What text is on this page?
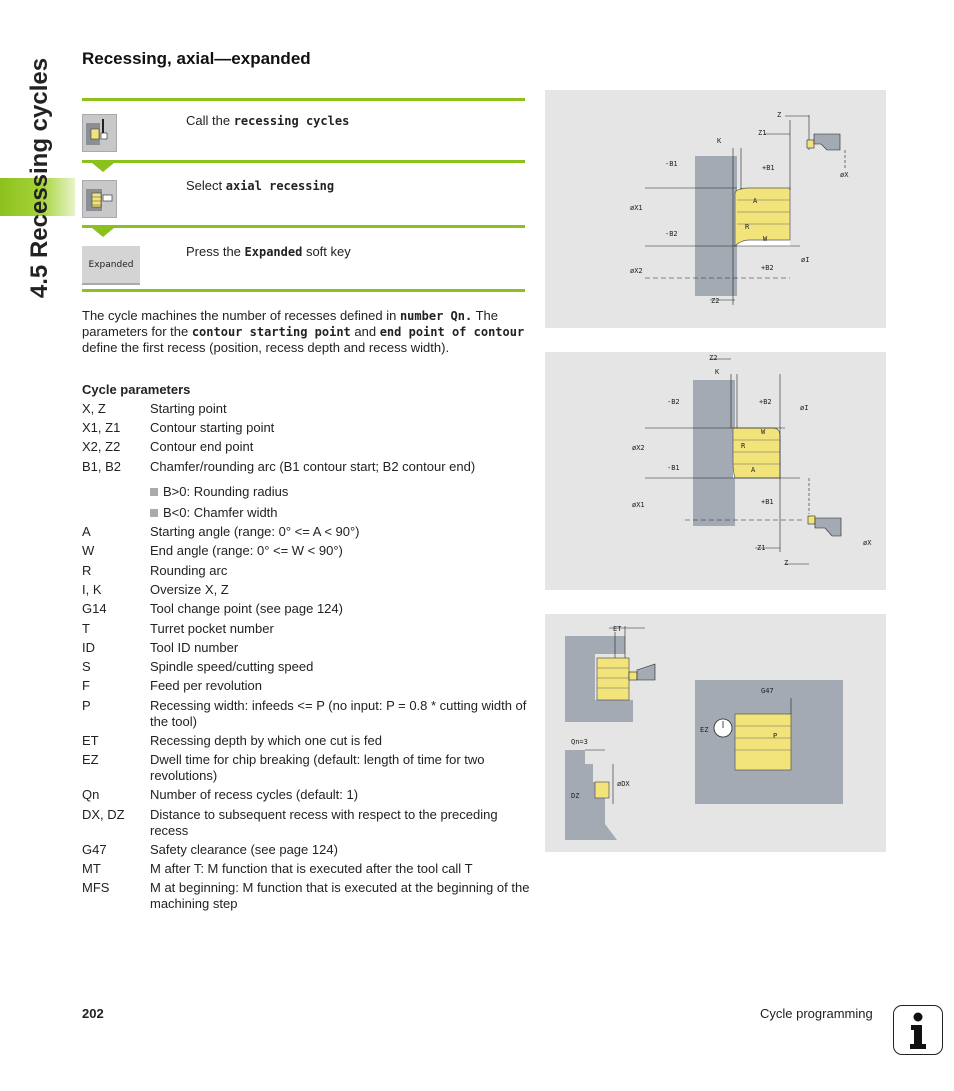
4.5 Recessing cycles Recessing, axial—expanded
Call the recessing cycles
Select axial recessing
Expanded
Press the Expanded soft key
The cycle machines the number of recesses defined in number Qn. The parameters for the contour starting point and end point of contour define the first recess (position, recess depth and recess width).
Cycle parameters
X, Z	Starting point
X1, Z1 Contour starting point
X2, Z2 Contour end point
B1, B2 Chamfer/rounding arc (B1 contour start; B2 contour end)
B>0: Rounding radius
B<0: Chamfer width
A	Starting angle (range: 0° <= A < 90°)
W	End angle (range: 0° <= W < 90°)
R	Rounding arc
I, K	Oversize X, Z
G14	Tool change point (see page 124)
T	Turret pocket number
ID	Tool ID number
S	Spindle speed/cutting speed
F	Feed per revolution
P	Recessing width: infeeds <= P (no input: P = 0.8 * cutting width of the tool)
ET	Recessing depth by which one cut is fed
EZ	Dwell time for chip breaking (default: length of time for two revolutions)
Qn	Number of recess cycles (default: 1)
DX, DZ Distance to subsequent recess with respect to the preceding recess
G47	Safety clearance (see page 124)
MT	M after T: M function that is executed after the tool call T
MFS	M at beginning: M function that is executed at the beginning of the machining step
Z
Z1
K
-B1	+B1
øX
øX1
A
R
W
-B2
øI
øX2	+B2
Z2
Z2
K
-B2	+B2
øI
R
W
øX2
-B1	A
øX1	+B1
øX
Z1
Z
ET
G47
EZ
P
Qn=3
øDX
DZ
202	Cycle programming
